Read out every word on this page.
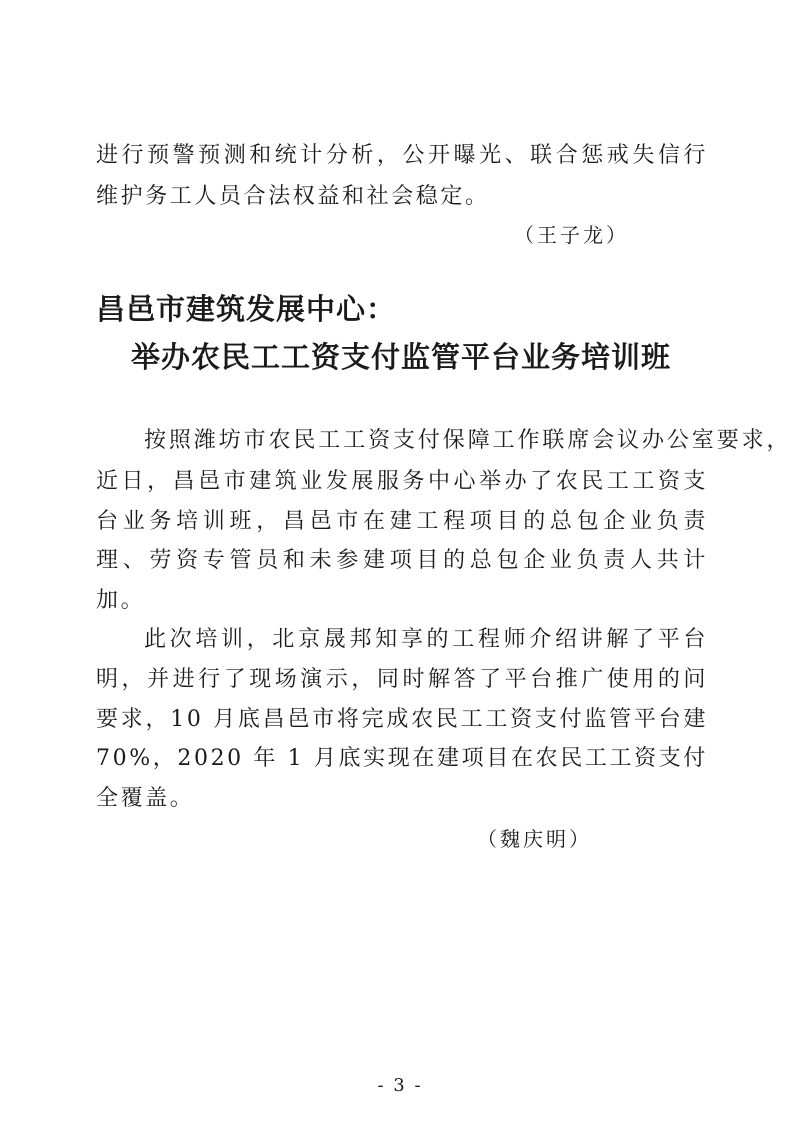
进行预警预测和统计分析，公开曝光、联合惩戒失信行
维护务工人员合法权益和社会稳定。
（王子龙）
昌邑市建筑发展中心：
举办农民工工资支付监管平台业务培训班
按照潍坊市农民工工资支付保障工作联席会议办公室要求，
近日，昌邑市建筑业发展服务中心举办了农民工工资支
台业务培训班，昌邑市在建工程项目的总包企业负责
理、劳资专管员和未参建项目的总包企业负责人共计
加。
此次培训，北京晟邦知享的工程师介绍讲解了平台
明，并进行了现场演示，同时解答了平台推广使用的问
要求，10 月底昌邑市将完成农民工工资支付监管平台建
70%，2020 年 1 月底实现在建项目在农民工工资支付
全覆盖。
（魏庆明）
- 3 -
